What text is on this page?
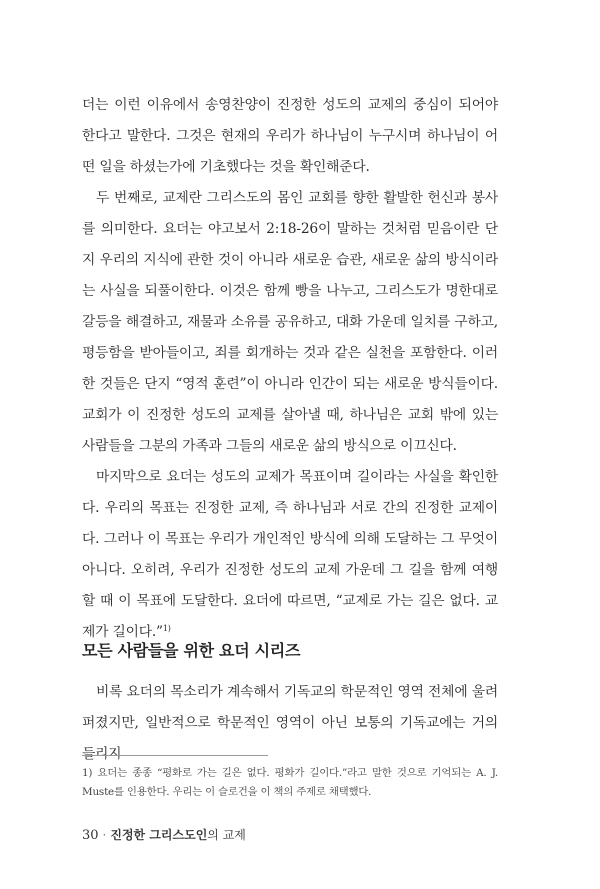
더는 이런 이유에서 송영찬양이 진정한 성도의 교제의 중심이 되어야 한다고 말한다. 그것은 현재의 우리가 하나님이 누구시며 하나님이 어떤 일을 하셨는가에 기초했다는 것을 확인해준다.

두 번째로, 교제란 그리스도의 몸인 교회를 향한 활발한 헌신과 봉사를 의미한다. 요더는 야고보서 2:18-26이 말하는 것처럼 믿음이란 단지 우리의 지식에 관한 것이 아니라 새로운 습관, 새로운 삶의 방식이라는 사실을 되풀이한다. 이것은 함께 빵을 나누고, 그리스도가 명한대로 갈등을 해결하고, 재물과 소유를 공유하고, 대화 가운데 일치를 구하고, 평등함을 받아들이고, 죄를 회개하는 것과 같은 실천을 포함한다. 이러한 것들은 단지 “영적 훈련”이 아니라 인간이 되는 새로운 방식들이다. 교회가 이 진정한 성도의 교제를 살아낼 때, 하나님은 교회 밖에 있는 사람들을 그분의 가족과 그들의 새로운 삶의 방식으로 이끄신다.

마지막으로 요더는 성도의 교제가 목표이며 길이라는 사실을 확인한다. 우리의 목표는 진정한 교제, 즉 하나님과 서로 간의 진정한 교제이다. 그러나 이 목표는 우리가 개인적인 방식에 의해 도달하는 그 무엇이 아니다. 오히려, 우리가 진정한 성도의 교제 가운데 그 길을 함께 여행할 때 이 목표에 도달한다. 요더에 따르면, “교제로 가는 길은 없다. 교제가 길이다.”$^{1)}$

모든 사람들을 위한 요더 시리즈

비록 요더의 목소리가 계속해서 기독교의 학문적인 영역 전체에 울려 퍼졌지만, 일반적으로 학문적인 영역이 아닌 보통의 기독교에는 거의 들리지

1) 요더는 종종 “평화로 가는 길은 없다. 평화가 길이다.”라고 말한 것으로 기억되는 A. J. Muste를 인용한다. 우리는 이 슬로건을 이 책의 주제로 채택했다.

30 · 진정한 그리스도인의 교제
